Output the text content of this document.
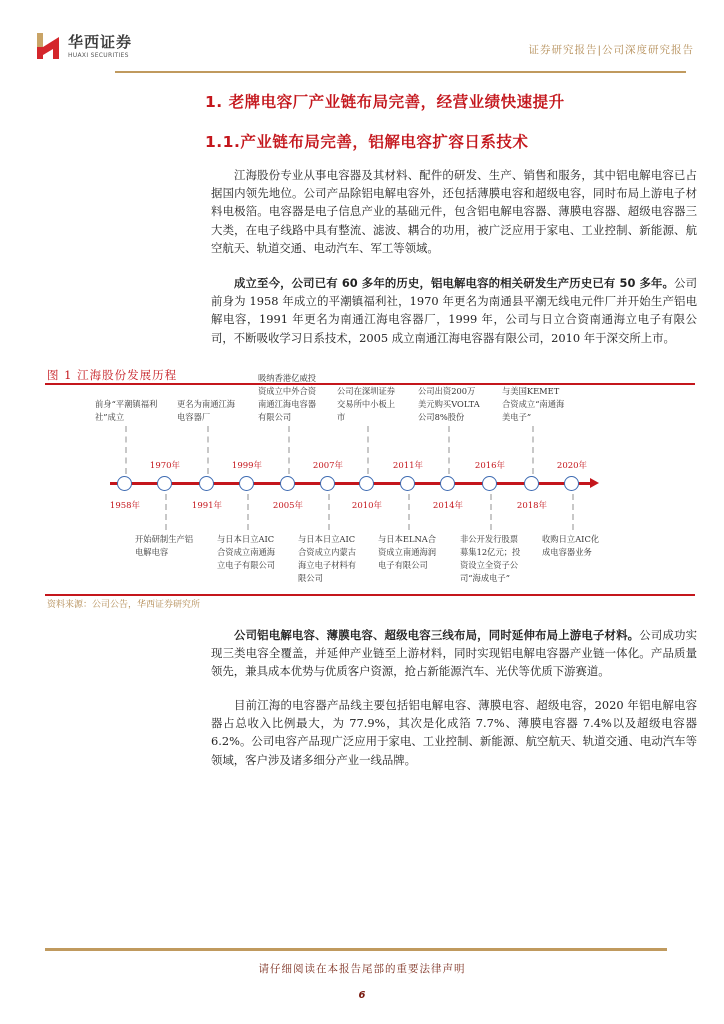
华西证券
HUAXI SECURITIES	证券研究报告|公司深度研究报告
1. 老牌电容厂产业链布局完善，经营业绩快速提升
1.1.产业链布局完善，铝解电容扩容日系技术

江海股份专业从事电容器及其材料、配件的研发、生产、销售和服务，其中铝电解电容已占据国内领先地位。公司产品除铝电解电容外，还包括薄膜电容和超级电容，同时布局上游电子材料电极箔。电容器是电子信息产业的基础元件，包含铝电解电容器、薄膜电容器、超级电容器三大类，在电子线路中具有整流、滤波、耦合的功用，被广泛应用于家电、工业控制、新能源、航空航天、轨道交通、电动汽车、军工等领域。

成立至今，公司已有 60 多年的历史，铝电解电容的相关研发生产历史已有 50 多年。公司前身为 1958 年成立的平潮镇福利社，1970 年更名为南通县平潮无线电元件厂并开始生产铝电解电容，1991 年更名为南通江海电容器厂，1999 年，公司与日立合资南通海立电子有限公司，不断吸收学习日系技术，2005 成立南通江海电容器有限公司，2010 年于深交所上市。

图 1 江海股份发展历程
1958年
前身“平潮镇福利社”成立
1970年
开始研制生产铝电解电容
1991年
更名为南通江海电容器厂
1999年
与日本日立AIC合资成立南通海立电子有限公司
2005年
吸纳香港亿威投资成立中外合资南通江海电容器有限公司
2007年
与日本日立AIC合资成立内蒙古海立电子材料有限公司
2010年
公司在深圳证券交易所中小板上市
2011年
与日本ELNA合资成立南通海润电子有限公司
2014年
公司出资200万美元购买VOLTA公司8%股份
2016年
非公开发行股票募集12亿元；投资设立全资子公司“海成电子”
2018年
与美国KEMET合资成立“南通海美电子”
2020年
收购日立AIC化成电容器业务
资料来源：公司公告，华西证券研究所

公司铝电解电容、薄膜电容、超级电容三线布局，同时延伸布局上游电子材料。公司成功实现三类电容全覆盖，并延伸产业链至上游材料，同时实现铝电解电容器产业链一体化。产品质量领先，兼具成本优势与优质客户资源，抢占新能源汽车、光伏等优质下游赛道。

目前江海的电容器产品线主要包括铝电解电容、薄膜电容、超级电容，2020 年铝电解电容器占总收入比例最大，为 77.9%，其次是化成箔 7.7%、薄膜电容器 7.4%以及超级电容器 6.2%。公司电容产品现广泛应用于家电、工业控制、新能源、航空航天、轨道交通、电动汽车等领域，客户涉及诸多细分产业一线品牌。

请仔细阅读在本报告尾部的重要法律声明
6
